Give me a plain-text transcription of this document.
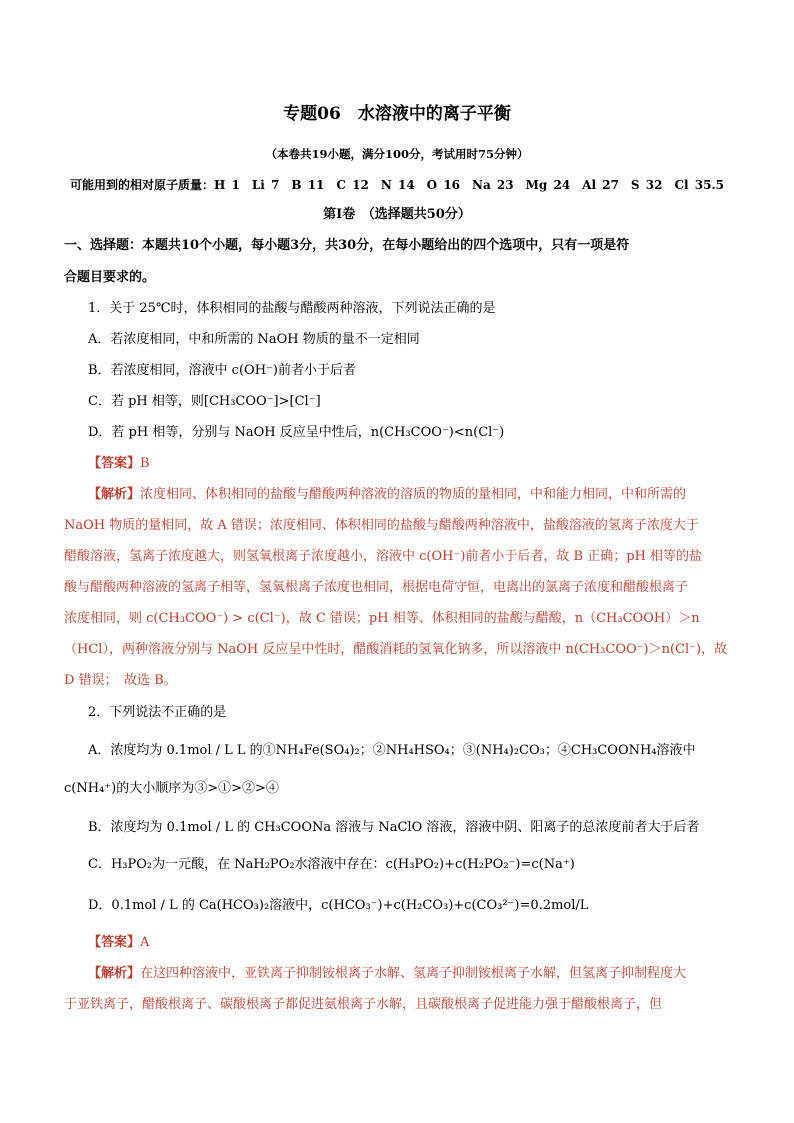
专题06　水溶液中的离子平衡
（本卷共19小题，满分100分，考试用时75分钟）
可能用到的相对原子质量：H 1　Li 7　B 11　C 12　N 14　O 16　Na 23　Mg 24　Al 27　S 32　Cl 35.5
第Ⅰ卷　（选择题共50分）
一、选择题：本题共10个小题，每小题3分，共30分，在每小题给出的四个选项中，只有一项是符
合题目要求的。
1．关于 25℃时，体积相同的盐酸与醋酸两种溶液，下列说法正确的是
A．若浓度相同，中和所需的 NaOH 物质的量不一定相同
B．若浓度相同，溶液中 c(OH⁻)前者小于后者
C．若 pH 相等，则[CH₃COO⁻]>[Cl⁻]
D．若 pH 相等，分别与 NaOH 反应呈中性后，n(CH₃COO⁻)<n(Cl⁻)
【答案】B
【解析】浓度相同、体积相同的盐酸与醋酸两种溶液的溶质的物质的量相同，中和能力相同，中和所需的
NaOH 物质的量相同，故 A 错误；浓度相同、体积相同的盐酸与醋酸两种溶液中，盐酸溶液的氢离子浓度大于
醋酸溶液，氢离子浓度越大，则氢氧根离子浓度越小，溶液中 c(OH⁻)前者小于后者，故 B 正确；pH 相等的盐
酸与醋酸两种溶液的氢离子相等，氢氧根离子浓度也相同，根据电荷守恒，电离出的氯离子浓度和醋酸根离子
浓度相同，则 c(CH₃COO⁻) > c(Cl⁻)，故 C 错误；pH 相等、体积相同的盐酸与醋酸，n（CH₃COOH）＞n
（HCl），两种溶液分别与 NaOH 反应呈中性时，醋酸消耗的氢氧化钠多，所以溶液中 n(CH₃COO⁻)＞n(Cl⁻)，故
D 错误；　故选 B。
2．下列说法不正确的是
A．浓度均为 0.1mol / L L 的①NH₄Fe(SO₄)₂；②NH₄HSO₄；③(NH₄)₂CO₃；④CH₃COONH₄溶液中
c(NH₄⁺)的大小顺序为③>①>②>④
B．浓度均为 0.1mol / L 的 CH₃COONa 溶液与 NaClO 溶液，溶液中阴、阳离子的总浓度前者大于后者
C．H₃PO₂为一元酸，在 NaH₂PO₂水溶液中存在：c(H₃PO₂)+c(H₂PO₂⁻)=c(Na⁺)
D．0.1mol / L 的 Ca(HCO₃)₂溶液中，c(HCO₃⁻)+c(H₂CO₃)+c(CO₃²⁻)=0.2mol/L
【答案】A
【解析】在这四种溶液中，亚铁离子抑制铵根离子水解、氢离子抑制铵根离子水解，但氢离子抑制程度大
于亚铁离子，醋酸根离子、碳酸根离子都促进氨根离子水解，且碳酸根离子促进能力强于醋酸根离子，但
